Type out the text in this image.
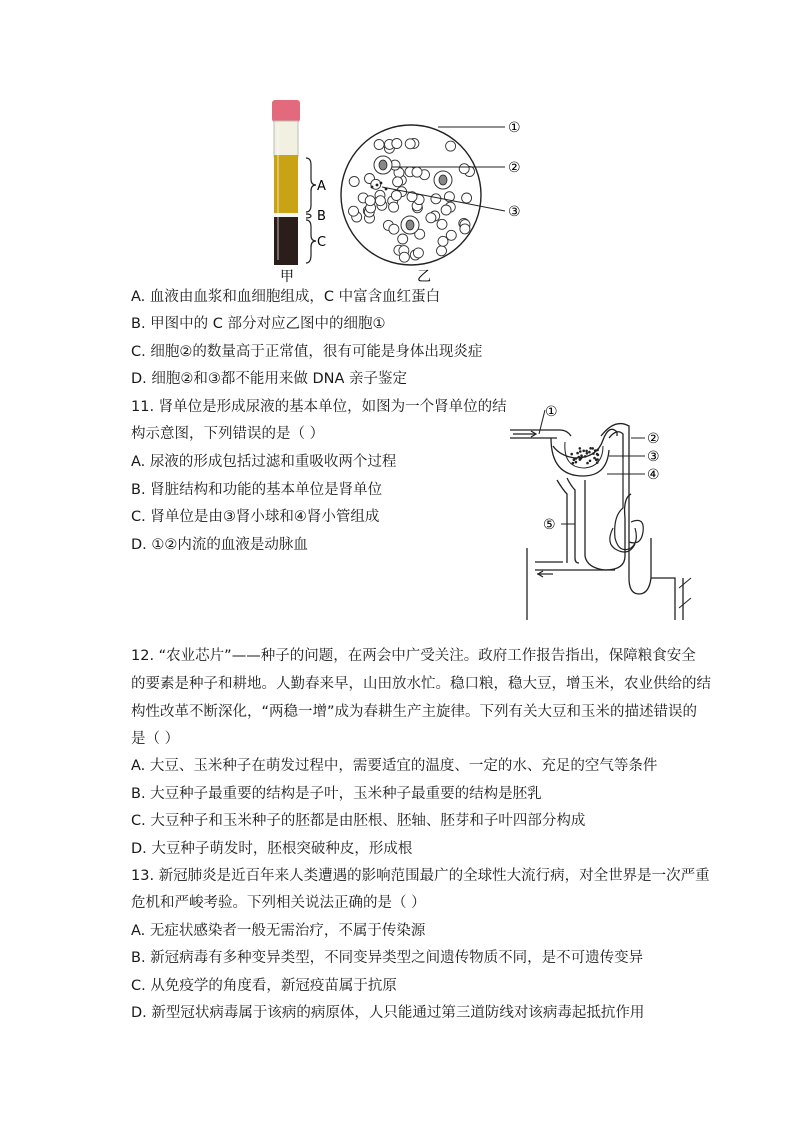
A
B
C
甲
①
②
③
乙
A. 血液由血浆和血细胞组成，C 中富含血红蛋白
B. 甲图中的 C 部分对应乙图中的细胞①
C. 细胞②的数量高于正常值，很有可能是身体出现炎症
D. 细胞②和③都不能用来做 DNA 亲子鉴定
11. 肾单位是形成尿液的基本单位，如图为一个肾单位的结
构示意图，下列错误的是（ ）
A. 尿液的形成包括过滤和重吸收两个过程
B. 肾脏结构和功能的基本单位是肾单位
C. 肾单位是由③肾小球和④肾小管组成
D. ①②内流的血液是动脉血
①
②
③
④
⑤
12. “农业芯片”——种子的问题，在两会中广受关注。政府工作报告指出，保障粮食安全
的要素是种子和耕地。人勤春来早，山田放水忙。稳口粮，稳大豆，增玉米，农业供给的结
构性改革不断深化，“两稳一增”成为春耕生产主旋律。下列有关大豆和玉米的描述错误的
是（ ）
A. 大豆、玉米种子在萌发过程中，需要适宜的温度、一定的水、充足的空气等条件
B. 大豆种子最重要的结构是子叶，玉米种子最重要的结构是胚乳
C. 大豆种子和玉米种子的胚都是由胚根、胚轴、胚芽和子叶四部分构成
D. 大豆种子萌发时，胚根突破种皮，形成根
13. 新冠肺炎是近百年来人类遭遇的影响范围最广的全球性大流行病，对全世界是一次严重
危机和严峻考验。下列相关说法正确的是（ ）
A. 无症状感染者一般无需治疗，不属于传染源
B. 新冠病毒有多种变异类型，不同变异类型之间遗传物质不同，是不可遗传变异
C. 从免疫学的角度看，新冠疫苗属于抗原
D. 新型冠状病毒属于该病的病原体，人只能通过第三道防线对该病毒起抵抗作用
